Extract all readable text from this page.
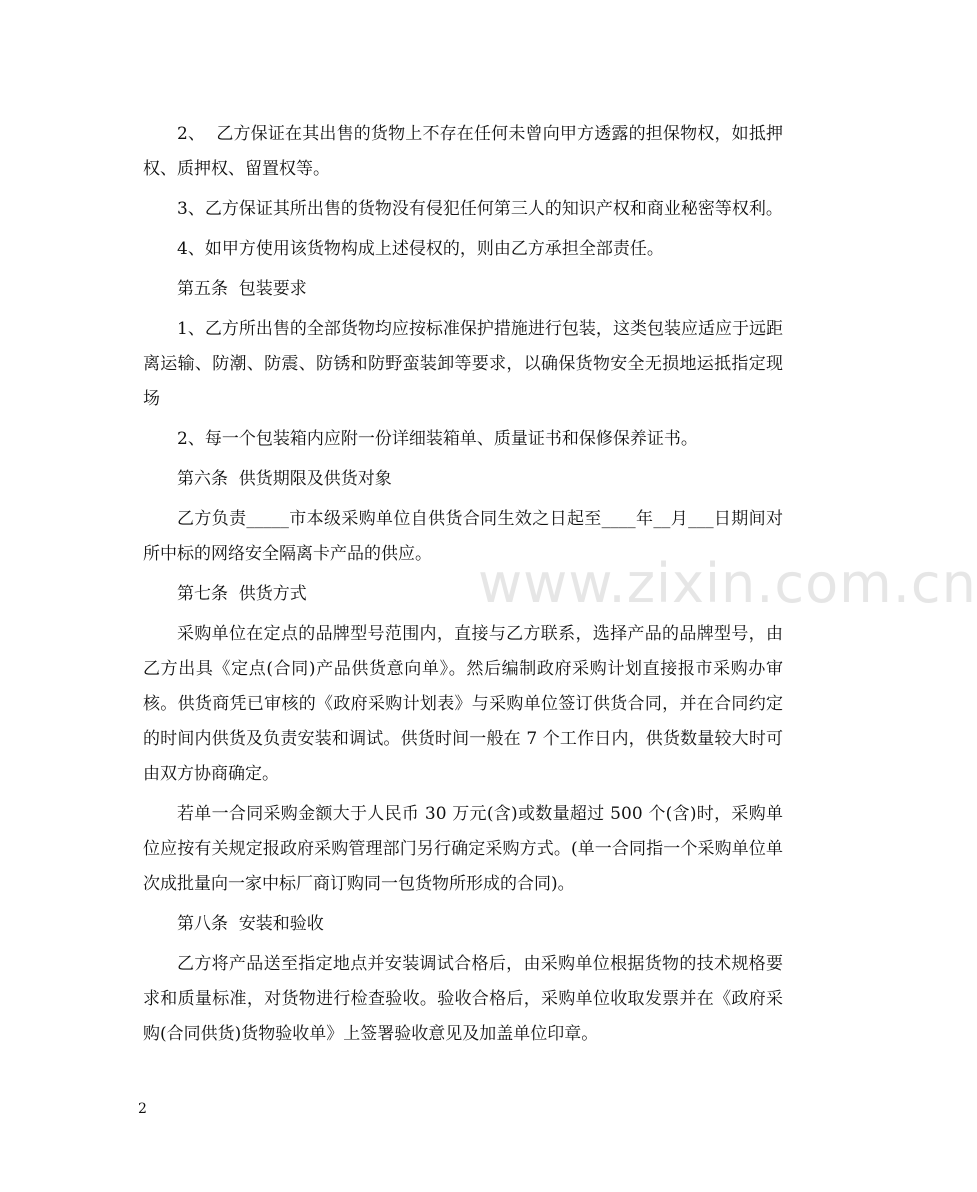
2、  乙方保证在其出售的货物上不存在任何未曾向甲方透露的担保物权，如抵押权、质押权、留置权等。

3、乙方保证其所出售的货物没有侵犯任何第三人的知识产权和商业秘密等权利。

4、如甲方使用该货物构成上述侵权的，则由乙方承担全部责任。

第五条  包装要求

1、乙方所出售的全部货物均应按标准保护措施进行包装，这类包装应适应于远距离运输、防潮、防震、防锈和防野蛮装卸等要求，以确保货物安全无损地运抵指定现场

2、每一个包装箱内应附一份详细装箱单、质量证书和保修保养证书。

第六条  供货期限及供货对象

乙方负责_____市本级采购单位自供货合同生效之日起至____年__月___日期间对所中标的网络安全隔离卡产品的供应。

第七条  供货方式

采购单位在定点的品牌型号范围内，直接与乙方联系，选择产品的品牌型号，由乙方出具《定点(合同)产品供货意向单》。然后编制政府采购计划直接报市采购办审核。供货商凭已审核的《政府采购计划表》与采购单位签订供货合同，并在合同约定的时间内供货及负责安装和调试。供货时间一般在 7 个工作日内，供货数量较大时可由双方协商确定。

若单一合同采购金额大于人民币 30 万元(含)或数量超过 500 个(含)时，采购单位应按有关规定报政府采购管理部门另行确定采购方式。(单一合同指一个采购单位单次成批量向一家中标厂商订购同一包货物所形成的合同)。

第八条  安装和验收

乙方将产品送至指定地点并安装调试合格后，由采购单位根据货物的技术规格要求和质量标准，对货物进行检查验收。验收合格后，采购单位收取发票并在《政府采购(合同供货)货物验收单》上签署验收意见及加盖单位印章。

www.zixin.com.cn
2
